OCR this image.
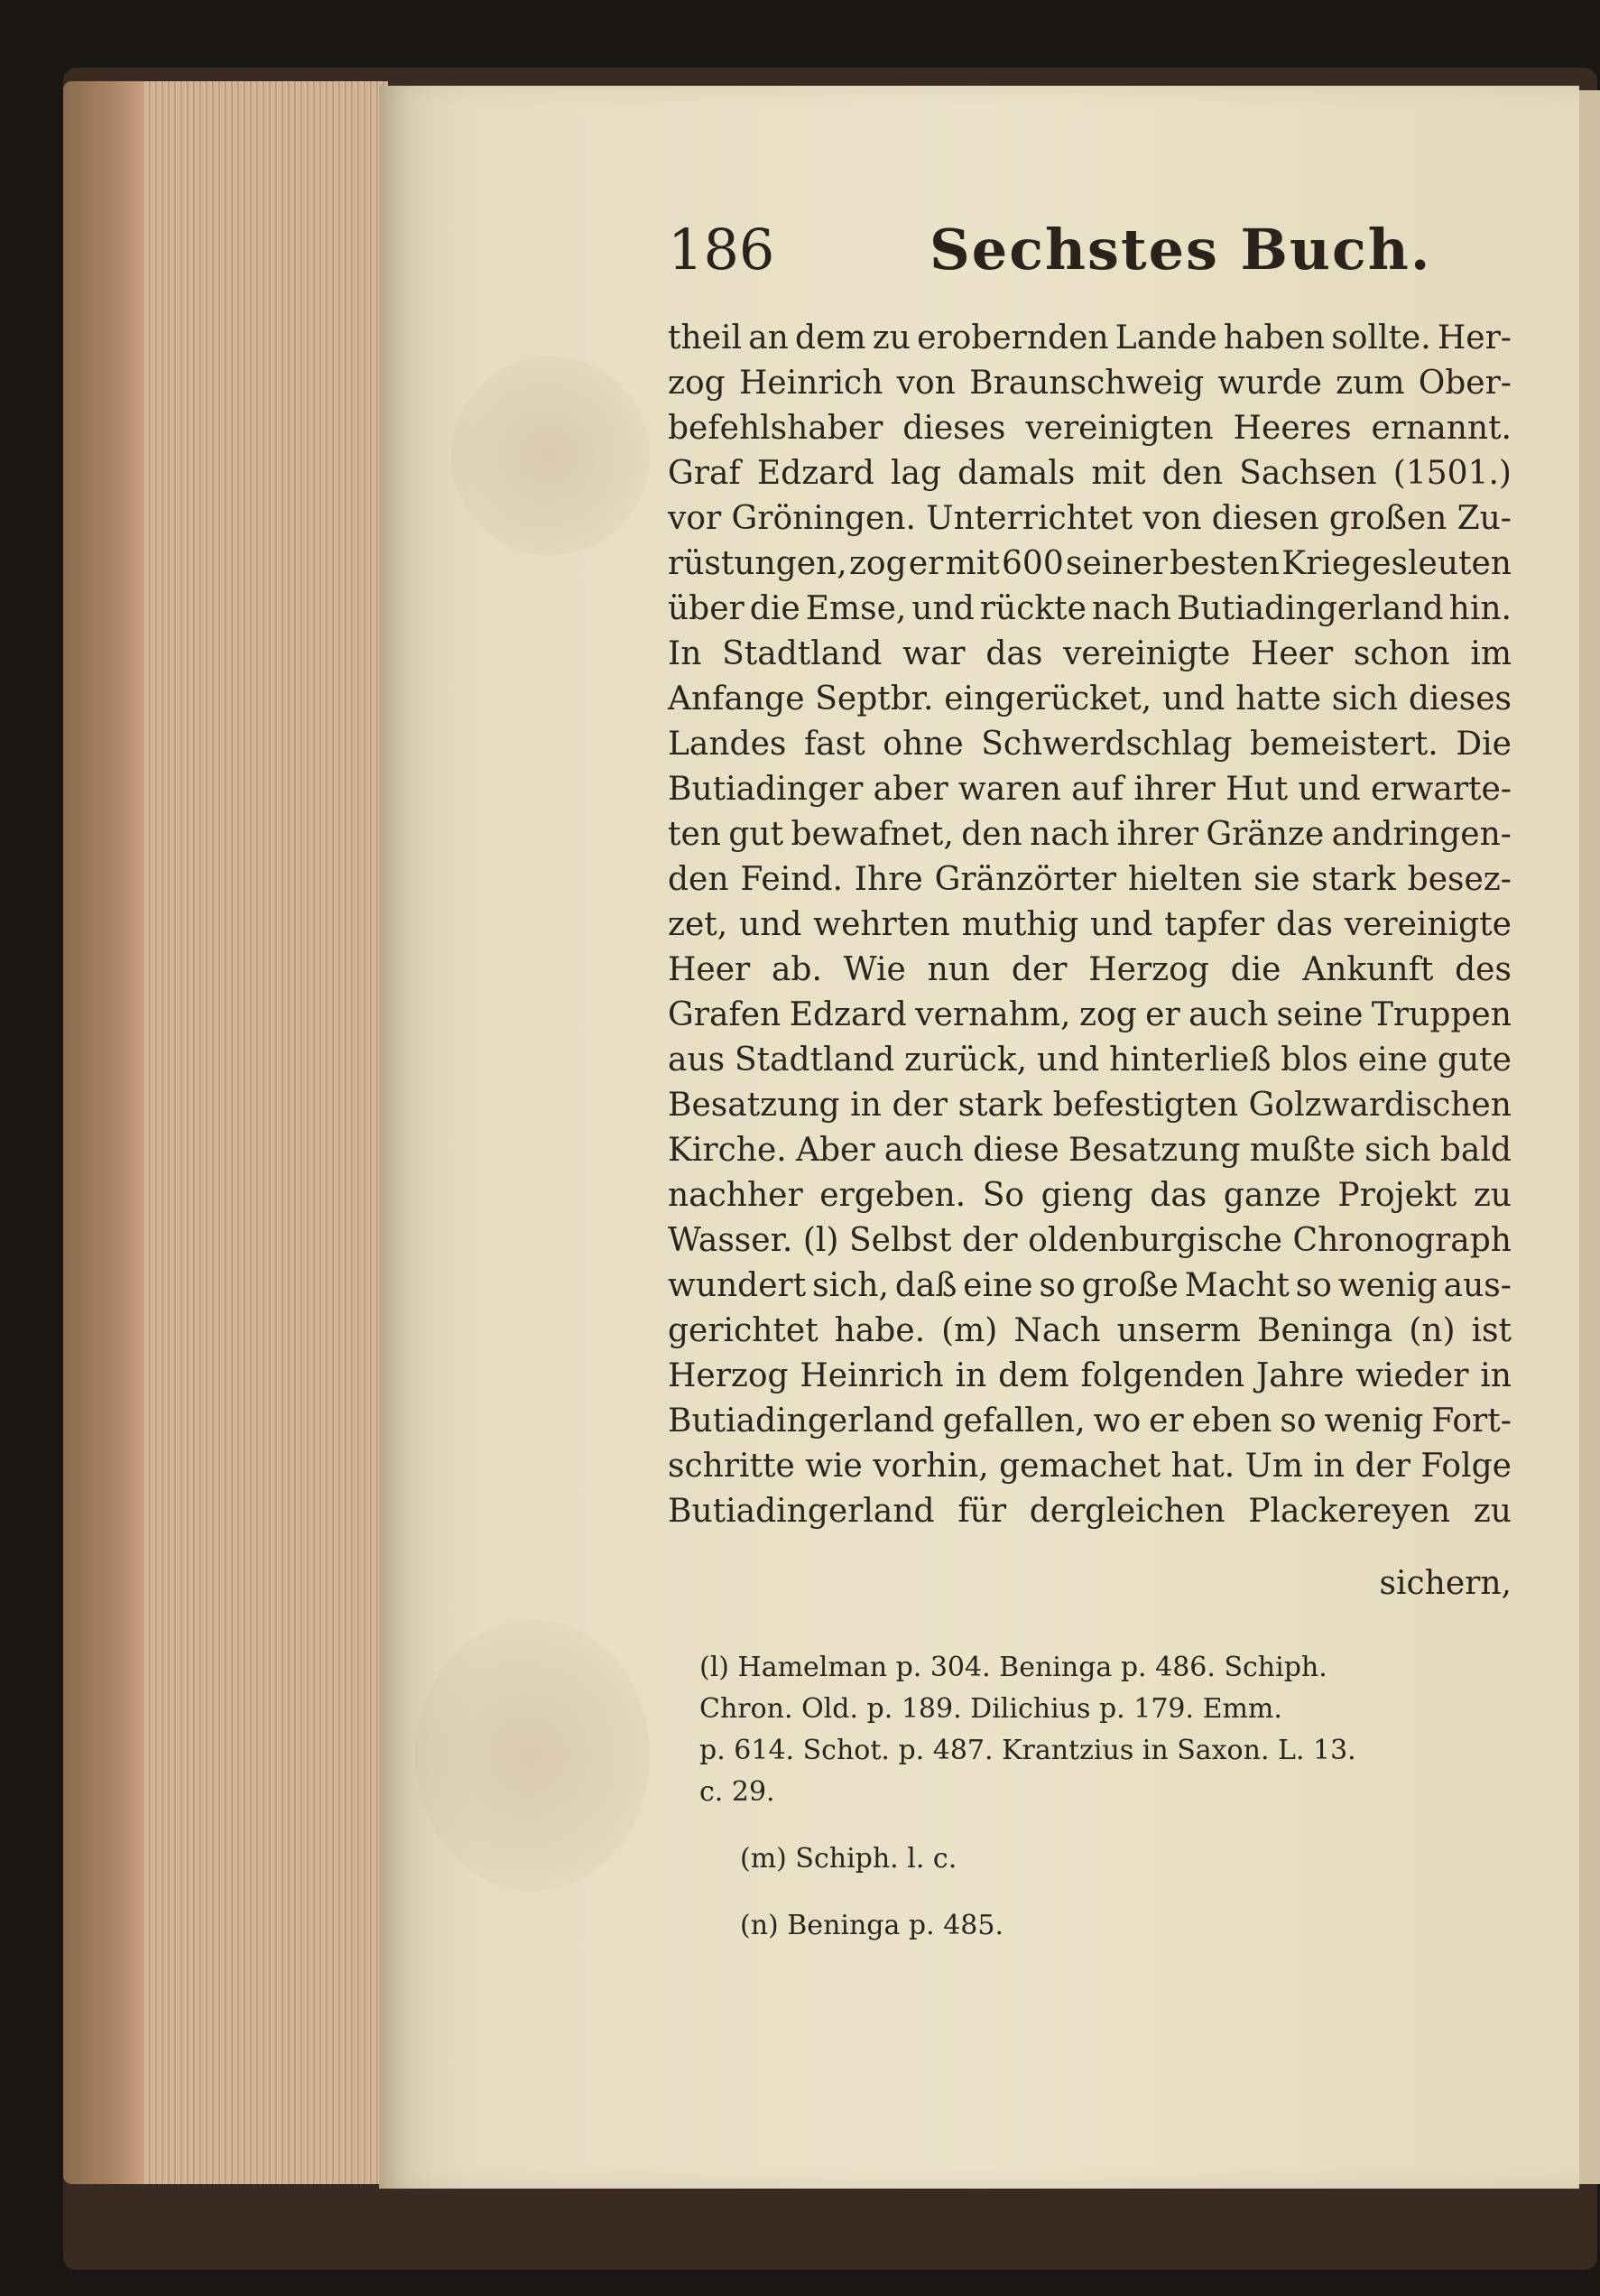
186	Sechstes Buch.
theil an dem zu erobernden Lande haben sollte. Her-
zog Heinrich von Braunschweig wurde zum Ober-
befehlshaber dieses vereinigten Heeres ernannt.
Graf Edzard lag damals mit den Sachsen (1501.)
vor Gröningen. Unterrichtet von diesen großen Zu-
rüstungen, zog er mit 600 seiner besten Kriegesleuten
über die Emse, und rückte nach Butiadingerland hin.
In Stadtland war das vereinigte Heer schon im
Anfange Septbr. eingerücket, und hatte sich dieses
Landes fast ohne Schwerdschlag bemeistert. Die
Butiadinger aber waren auf ihrer Hut und erwarte-
ten gut bewafnet, den nach ihrer Gränze andringen-
den Feind. Ihre Gränzörter hielten sie stark besez-
zet, und wehrten muthig und tapfer das vereinigte
Heer ab. Wie nun der Herzog die Ankunft des
Grafen Edzard vernahm, zog er auch seine Truppen
aus Stadtland zurück, und hinterließ blos eine gute
Besatzung in der stark befestigten Golzwardischen
Kirche. Aber auch diese Besatzung mußte sich bald
nachher ergeben. So gieng das ganze Projekt zu
Wasser. (l) Selbst der oldenburgische Chronograph
wundert sich, daß eine so große Macht so wenig aus-
gerichtet habe. (m) Nach unserm Beninga (n) ist
Herzog Heinrich in dem folgenden Jahre wieder in
Butiadingerland gefallen, wo er eben so wenig Fort-
schritte wie vorhin, gemachet hat. Um in der Folge
Butiadingerland für dergleichen Plackereyen zu
sichern,
(l) Hamelman p. 304. Beninga p. 486. Schiph.
Chron. Old. p. 189. Dilichius p. 179. Emm.
p. 614. Schot. p. 487. Krantzius in Saxon. L. 13.
c. 29.
(m) Schiph. l. c.
(n) Beninga p. 485.
